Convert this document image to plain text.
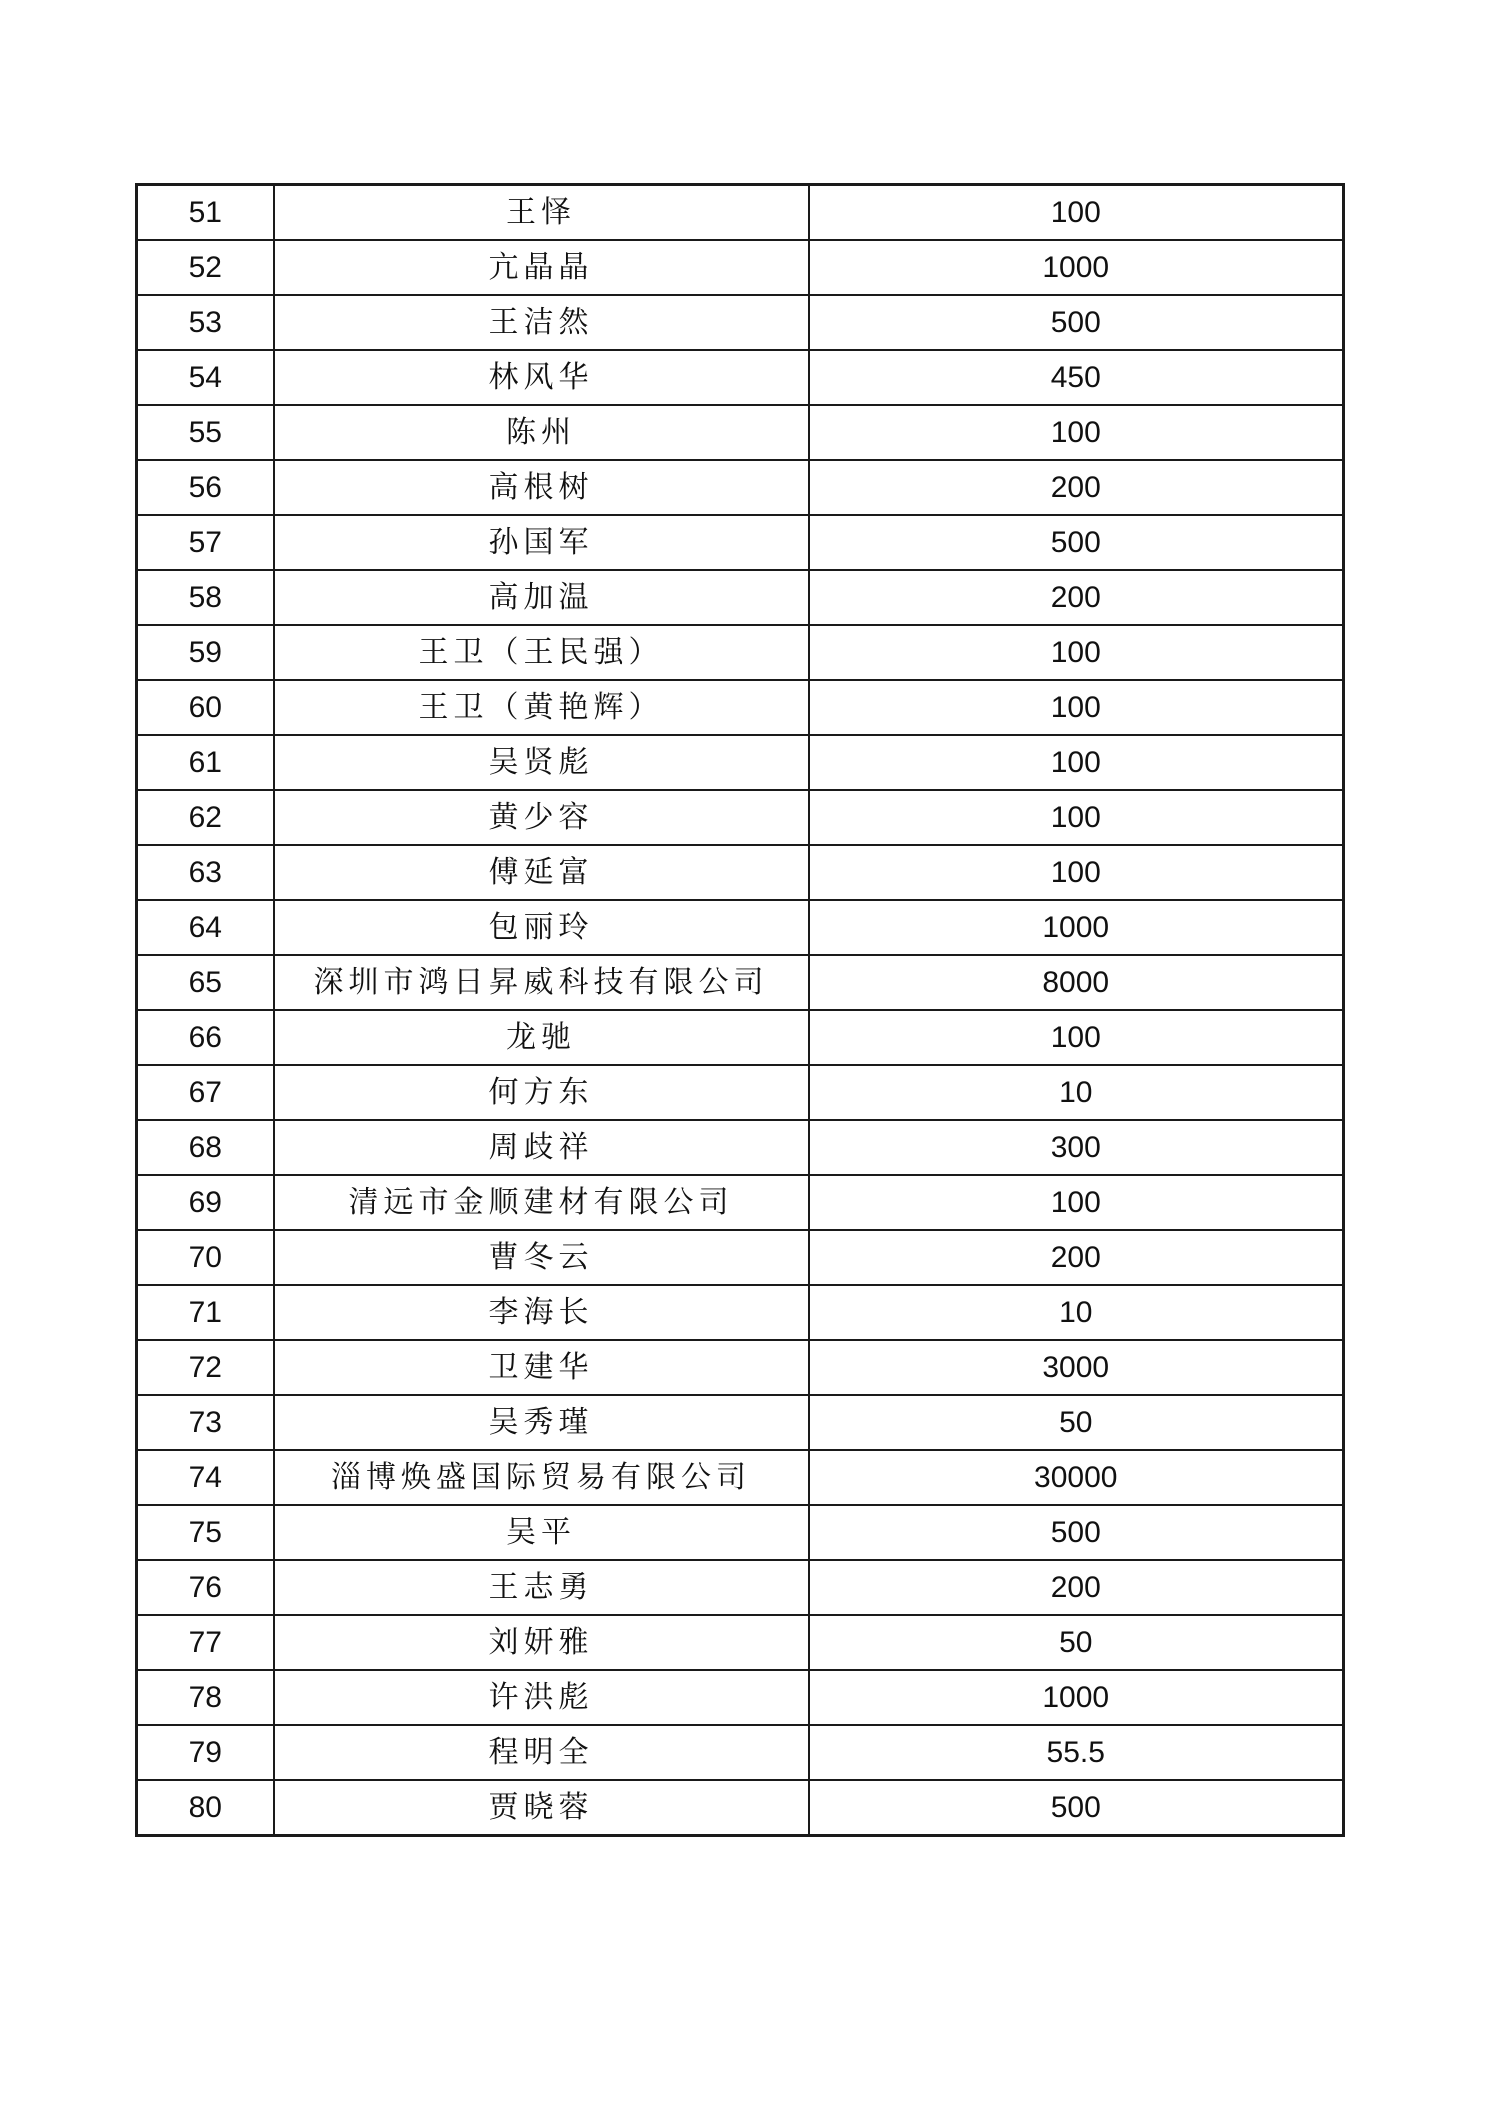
51	王怿	100
52	亢晶晶	1000
53	王洁然	500
54	林风华	450
55	陈州	100
56	高根树	200
57	孙国军	500
58	高加温	200
59	王卫（王民强）	100
60	王卫（黄艳辉）	100
61	吴贤彪	100
62	黄少容	100
63	傅延富	100
64	包丽玲	1000
65	深圳市鸿日昇威科技有限公司	8000
66	龙驰	100
67	何方东	10
68	周歧祥	300
69	清远市金顺建材有限公司	100
70	曹冬云	200
71	李海长	10
72	卫建华	3000
73	吴秀瑾	50
74	淄博焕盛国际贸易有限公司	30000
75	吴平	500
76	王志勇	200
77	刘妍雅	50
78	许洪彪	1000
79	程明全	55.5
80	贾晓蓉	500
